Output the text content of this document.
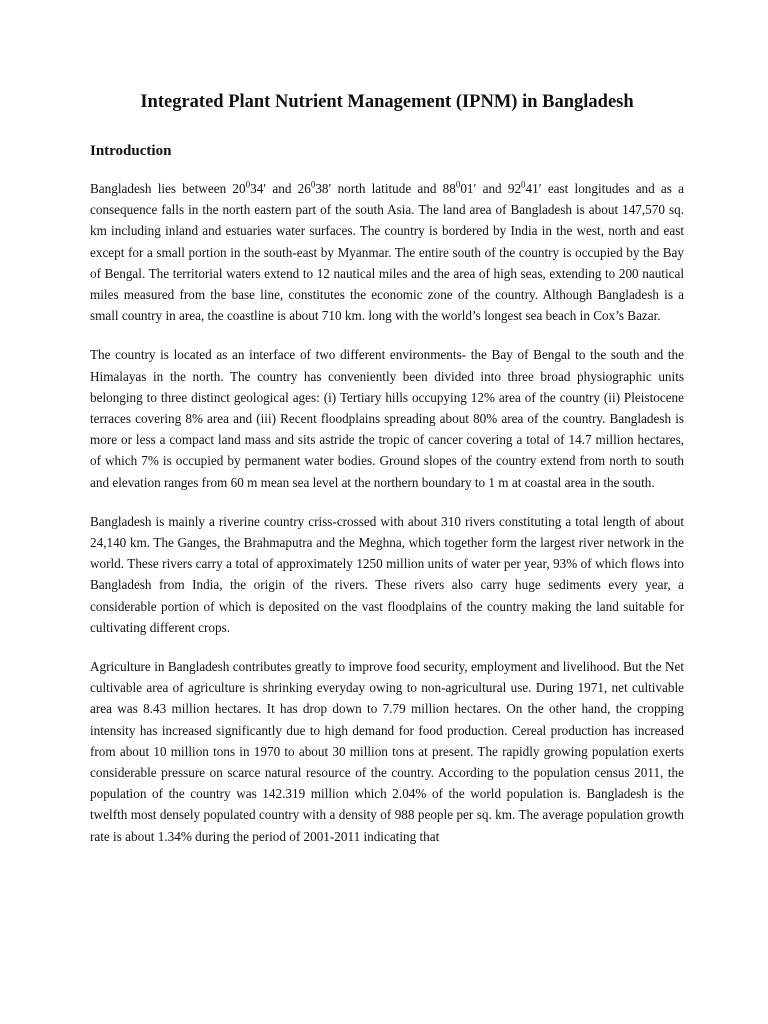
Integrated Plant Nutrient Management (IPNM) in Bangladesh
Introduction

Bangladesh lies between $20^034'$ and $26^038'$ north latitude and $88^001'$ and $92^041'$ east longitudes and as a consequence falls in the north eastern part of the south Asia. The land area of Bangladesh is about 147,570 sq. km including inland and estuaries water surfaces. The country is bordered by India in the west, north and east except for a small portion in the south-east by Myanmar. The entire south of the country is occupied by the Bay of Bengal. The territorial waters extend to 12 nautical miles and the area of high seas, extending to 200 nautical miles measured from the base line, constitutes the economic zone of the country. Although Bangladesh is a small country in area, the coastline is about 710 km. long with the world’s longest sea beach in Cox’s Bazar.

The country is located as an interface of two different environments- the Bay of Bengal to the south and the Himalayas in the north. The country has conveniently been divided into three broad physiographic units belonging to three distinct geological ages: (i) Tertiary hills occupying 12% area of the country (ii) Pleistocene terraces covering 8% area and (iii) Recent floodplains spreading about 80% area of the country. Bangladesh is more or less a compact land mass and sits astride the tropic of cancer covering a total of 14.7 million hectares, of which 7% is occupied by permanent water bodies. Ground slopes of the country extend from north to south and elevation ranges from 60 m mean sea level at the northern boundary to 1 m at coastal area in the south.

Bangladesh is mainly a riverine country criss-crossed with about 310 rivers constituting a total length of about 24,140 km. The Ganges, the Brahmaputra and the Meghna, which together form the largest river network in the world. These rivers carry a total of approximately 1250 million units of water per year, 93% of which flows into Bangladesh from India, the origin of the rivers. These rivers also carry huge sediments every year, a considerable portion of which is deposited on the vast floodplains of the country making the land suitable for cultivating different crops.

Agriculture in Bangladesh contributes greatly to improve food security, employment and livelihood. But the Net cultivable area of agriculture is shrinking everyday owing to non-agricultural use. During 1971, net cultivable area was 8.43 million hectares. It has drop down to 7.79 million hectares. On the other hand, the cropping intensity has increased significantly due to high demand for food production. Cereal production has increased from about 10 million tons in 1970 to about 30 million tons at present. The rapidly growing population exerts considerable pressure on scarce natural resource of the country. According to the population census 2011, the population of the country was 142.319 million which 2.04% of the world population is. Bangladesh is the twelfth most densely populated country with a density of 988 people per sq. km. The average population growth rate is about 1.34% during the period of 2001-2011 indicating that
